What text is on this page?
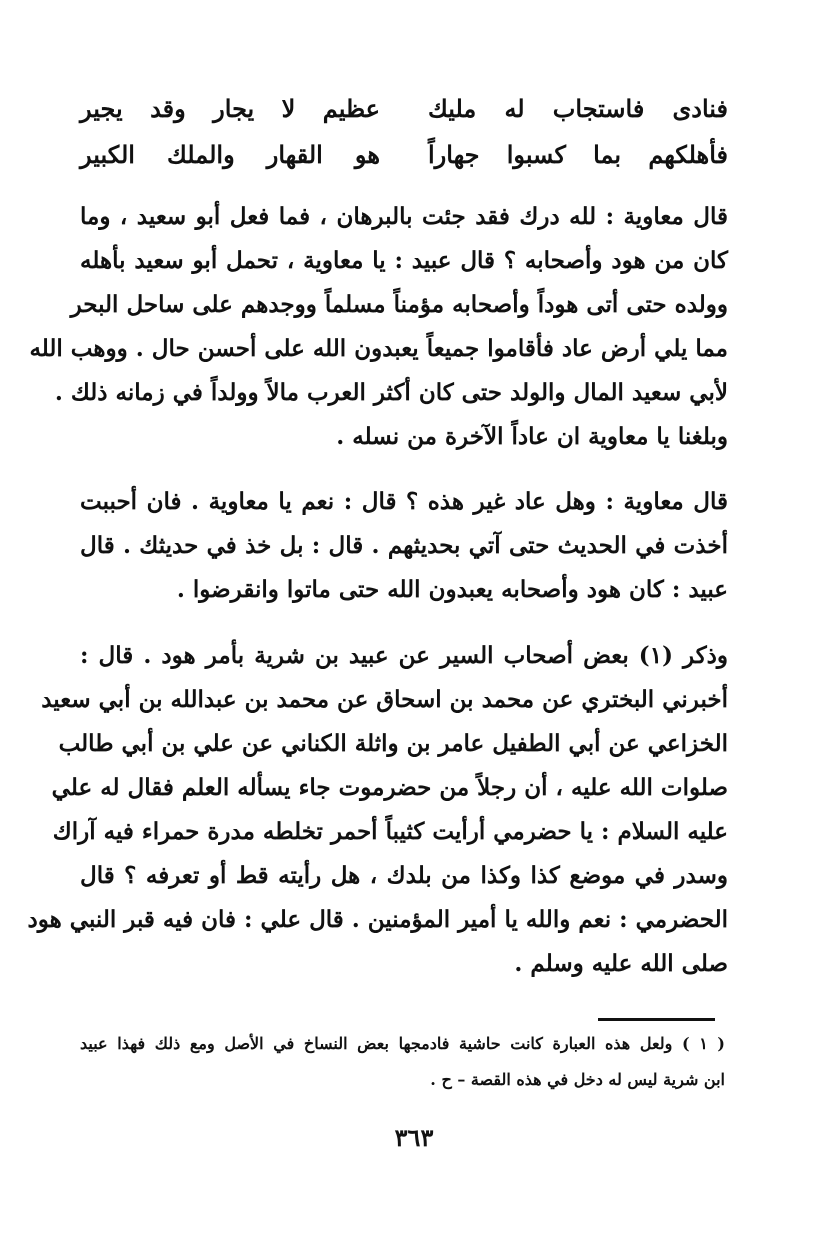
فنادى فاستجاب له مليك
عظيم لا يجار وقد يجير
فأهلكهم بما كسبوا جهاراً
هو القهار والملك الكبير
قال معاوية : لله درك فقد جئت بالبرهان ، فما فعل أبو سعيد ، وما
كان من هود وأصحابه ؟ قال عبيد : يا معاوية ، تحمل أبو سعيد بأهله
وولده حتى أتى هوداً وأصحابه مؤمناً مسلماً ووجدهم على ساحل البحر
مما يلي أرض عاد فأقاموا جميعاً يعبدون الله على أحسن حال . ووهب الله
لأبي سعيد المال والولد حتى كان أكثر العرب مالاً وولداً في زمانه ذلك .
وبلغنا يا معاوية ان عاداً الآخرة من نسله .
قال معاوية : وهل عاد غير هذه ؟ قال : نعم يا معاوية . فان أحببت
أخذت في الحديث حتى آتي بحديثهم . قال : بل خذ في حديثك . قال
عبيد : كان هود وأصحابه يعبدون الله حتى ماتوا وانقرضوا .
وذكر (١) بعض أصحاب السير عن عبيد بن شرية بأمر هود . قال :
أخبرني البختري عن محمد بن اسحاق عن محمد بن عبدالله بن أبي سعيد
الخزاعي عن أبي الطفيل عامر بن واثلة الكناني عن علي بن أبي طالب
صلوات الله عليه ، أن رجلاً من حضرموت جاء يسأله العلم فقال له علي
عليه السلام : يا حضرمي أرأيت كثيباً أحمر تخلطه مدرة حمراء فيه آراك
وسدر في موضع كذا وكذا من بلدك ، هل رأيته قط أو تعرفه ؟ قال
الحضرمي : نعم والله يا أمير المؤمنين . قال علي : فان فيه قبر النبي هود
صلى الله عليه وسلم .
( ١ ) ولعل هذه العبارة كانت حاشية فادمجها بعض النساخ في الأصل ومع ذلك فهذا عبيد
ابن شرية ليس له دخل في هذه القصة – ح .
٣٦٣
